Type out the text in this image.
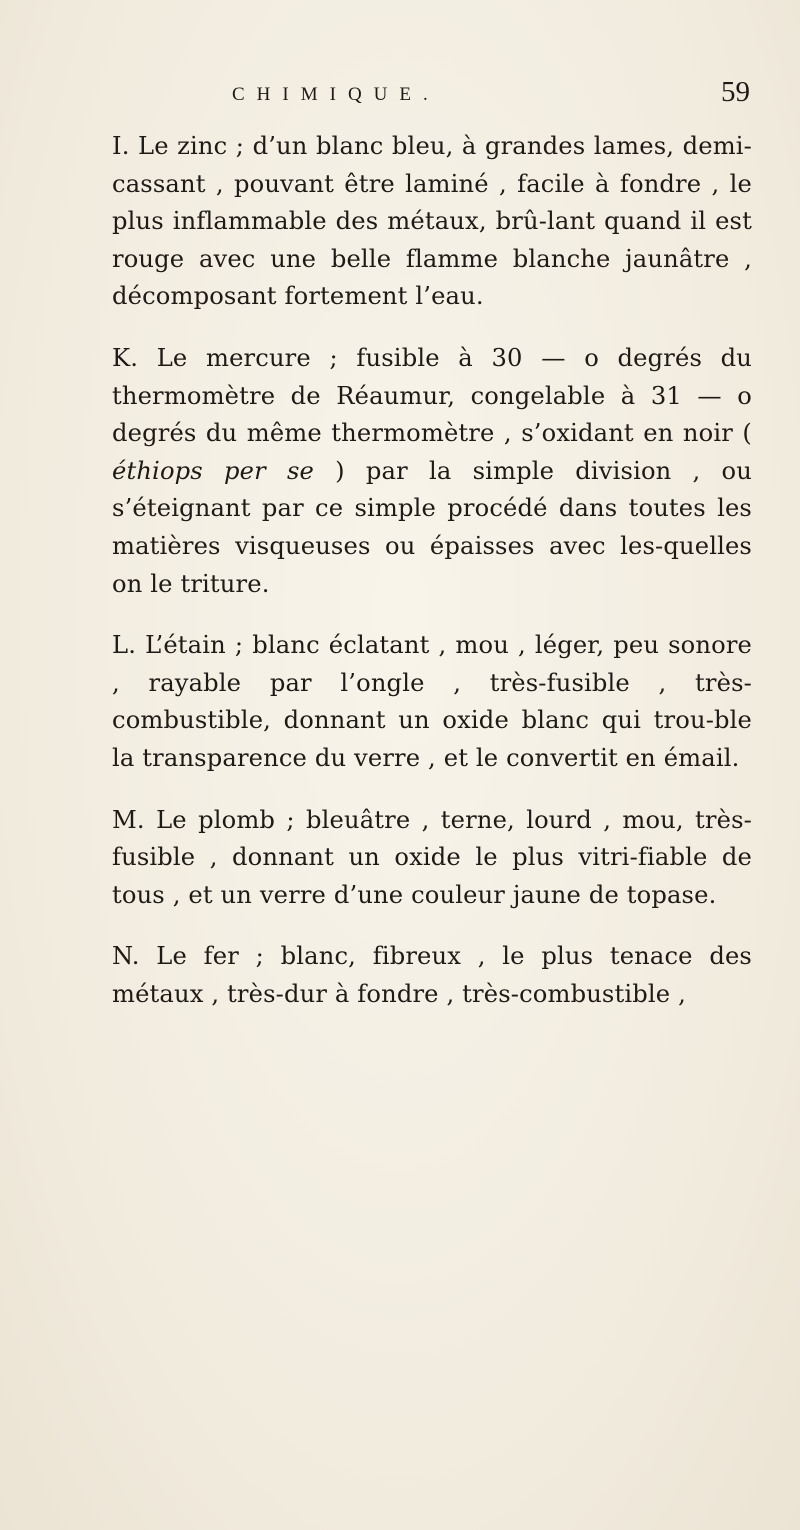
CHIMIQUE.	59

I. Le zinc ; d’un blanc bleu, à grandes lames, demi-cassant , pouvant être laminé , facile à fondre , le plus inflammable des métaux, brû-lant quand il est rouge avec une belle flamme blanche jaunâtre , décomposant fortement l’eau.

K. Le mercure ; fusible à 30 — o degrés du thermomètre de Réaumur, congelable à 31 — o degrés du même thermomètre , s’oxidant en noir ( éthiops per se ) par la simple division , ou s’éteignant par ce simple procédé dans toutes les matières visqueuses ou épaisses avec les-quelles on le triture.

L. L’étain ; blanc éclatant , mou , léger, peu sonore , rayable par l’ongle , très-fusible , très-combustible, donnant un oxide blanc qui trou-ble la transparence du verre , et le convertit en émail.

M. Le plomb ; bleuâtre , terne, lourd , mou, très-fusible , donnant un oxide le plus vitri-fiable de tous , et un verre d’une couleur jaune de topase.

N. Le fer ; blanc, fibreux , le plus tenace des métaux , très-dur à fondre , très-combustible ,
